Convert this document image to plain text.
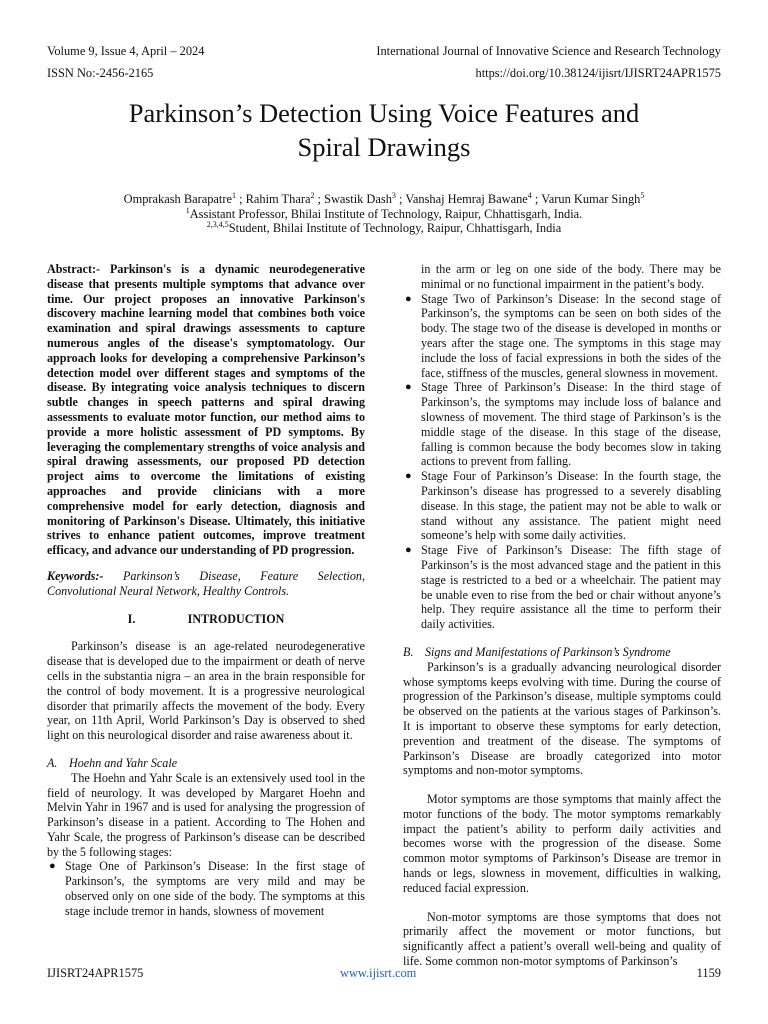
Volume 9, Issue 4, April – 2024
ISSN No:-2456-2165
International Journal of Innovative Science and Research Technology
https://doi.org/10.38124/ijisrt/IJISRT24APR1575
Parkinson’s Detection Using Voice Features and
Spiral Drawings
Omprakash Barapatre$^1$ ; Rahim Thara$^2$ ; Swastik Dash$^3$ ; Vanshaj Hemraj Bawane$^4$ ; Varun Kumar Singh$^5$
$^1$Assistant Professor, Bhilai Institute of Technology, Raipur, Chhattisgarh, India.
$^{2,3,4,5}$Student, Bhilai Institute of Technology, Raipur, Chhattisgarh, India

Abstract:- Parkinson's is a dynamic neurodegenerative disease that presents multiple symptoms that advance over time. Our project proposes an innovative Parkinson's discovery machine learning model that combines both voice examination and spiral drawings assessments to capture numerous angles of the disease's symptomatology. Our approach looks for developing a comprehensive Parkinson’s detection model over different stages and symptoms of the disease. By integrating voice analysis techniques to discern subtle changes in speech patterns and spiral drawing assessments to evaluate motor function, our method aims to provide a more holistic assessment of PD symptoms. By leveraging the complementary strengths of voice analysis and spiral drawing assessments, our proposed PD detection project aims to overcome the limitations of existing approaches and provide clinicians with a more comprehensive model for early detection, diagnosis and monitoring of Parkinson's Disease. Ultimately, this initiative strives to enhance patient outcomes, improve treatment efficacy, and advance our understanding of PD progression.

Keywords:- Parkinson’s Disease, Feature Selection, Convolutional Neural Network, Healthy Controls.

I.	INTRODUCTION

Parkinson’s disease is an age-related neurodegenerative disease that is developed due to the impairment or death of nerve cells in the substantia nigra – an area in the brain responsible for the control of body movement. It is a progressive neurological disorder that primarily affects the movement of the body. Every year, on 11th April, World Parkinson’s Day is observed to shed light on this neurological disorder and raise awareness about it.

A. Hoehn and Yahr Scale

The Hoehn and Yahr Scale is an extensively used tool in the field of neurology. It was developed by Margaret Hoehn and Melvin Yahr in 1967 and is used for analysing the progression of Parkinson’s disease in a patient. According to The Hohen and Yahr Scale, the progress of Parkinson’s disease can be described by the 5 following stages:

● Stage One of Parkinson’s Disease: In the first stage of Parkinson’s, the symptoms are very mild and may be observed only on one side of the body. The symptoms at this stage include tremor in hands, slowness of movement

in the arm or leg on one side of the body. There may be minimal or no functional impairment in the patient’s body.

● Stage Two of Parkinson’s Disease: In the second stage of Parkinson’s, the symptoms can be seen on both sides of the body. The stage two of the disease is developed in months or years after the stage one. The symptoms in this stage may include the loss of facial expressions in both the sides of the face, stiffness of the muscles, general slowness in movement.
● Stage Three of Parkinson’s Disease: In the third stage of Parkinson’s, the symptoms may include loss of balance and slowness of movement. The third stage of Parkinson’s is the middle stage of the disease. In this stage of the disease, falling is common because the body becomes slow in taking actions to prevent from falling.
● Stage Four of Parkinson’s Disease: In the fourth stage, the Parkinson’s disease has progressed to a severely disabling disease. In this stage, the patient may not be able to walk or stand without any assistance. The patient might need someone’s help with some daily activities.
● Stage Five of Parkinson’s Disease: The fifth stage of Parkinson’s is the most advanced stage and the patient in this stage is restricted to a bed or a wheelchair. The patient may be unable even to rise from the bed or chair without anyone’s help. They require assistance all the time to perform their daily activities.
B. Signs and Manifestations of Parkinson’s Syndrome

Parkinson’s is a gradually advancing neurological disorder whose symptoms keeps evolving with time. During the course of progression of the Parkinson’s disease, multiple symptoms could be observed on the patients at the various stages of Parkinson’s. It is important to observe these symptoms for early detection, prevention and treatment of the disease. The symptoms of Parkinson’s Disease are broadly categorized into motor symptoms and non-motor symptoms.

Motor symptoms are those symptoms that mainly affect the motor functions of the body. The motor symptoms remarkably impact the patient’s ability to perform daily activities and becomes worse with the progression of the disease. Some common motor symptoms of Parkinson’s Disease are tremor in hands or legs, slowness in movement, difficulties in walking, reduced facial expression.

Non-motor symptoms are those symptoms that does not primarily affect the movement or motor functions, but significantly affect a patient’s overall well-being and quality of life. Some common non-motor symptoms of Parkinson’s

IJISRT24APR1575	www.ijisrt.com	1159
